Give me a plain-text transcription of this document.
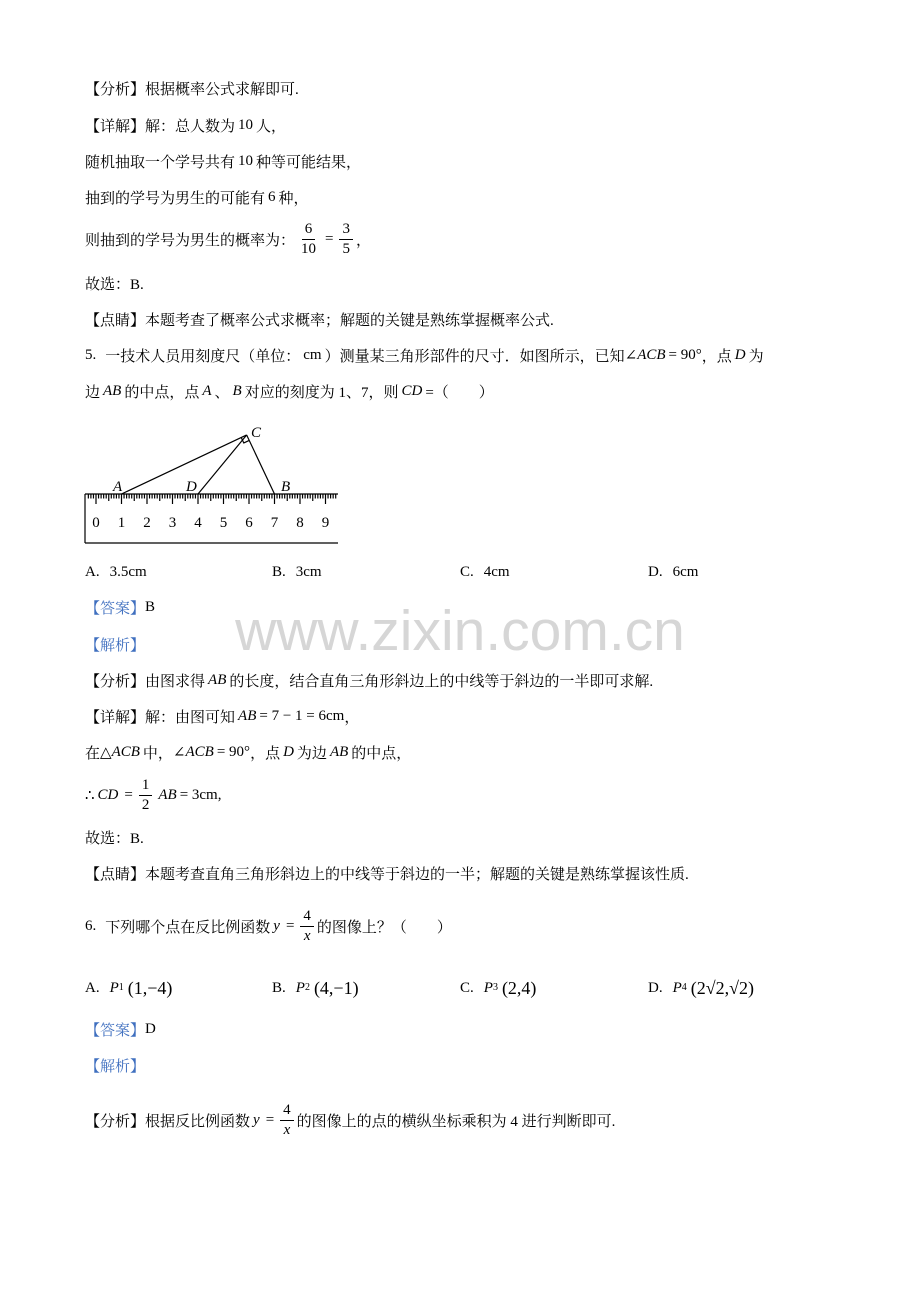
www.zixin.com.cn
【分析】 根据概率公式求解即可.
【详解】 解：总人数为 10 人，
随机抽取一个学号共有 10 种等可能结果，
抽到的学号为男生的可能有 6 种，
则抽到的学号为男生的概率为： $\frac{6}{10} = \frac{3}{5}$ ，
故选：B.
【点睛】 本题考查了概率公式求概率；解题的关键是熟练掌握概率公式.
5. 一技术人员用刻度尺（单位： cm ）测量某三角形部件的尺寸．如图所示，已知 ∠ ACB = 90° ，点 D 为
边 AB 的中点，点 A 、 B 对应的刻度为 1、7，则 CD =（　　）
0 1 2 3 4 5 6 7 8 9
A	D	B
C
A. 3.5cm	B. 3cm	C. 4cm	D. 6cm
【答案】 B
【解析】
【分析】 由图求得 AB 的长度，结合直角三角形斜边上的中线等于斜边的一半即可求解.
【详解】 解：由图可知 AB = 7 − 1 = 6cm ，
在 △ ACB 中， ∠ ACB = 90° ，点 D 为边 AB 的中点，
∴ CD = $\frac{1}{2}$ AB = 3cm ,
故选：B.
【点睛】 本题考查直角三角形斜边上的中线等于斜边的一半；解题的关键是熟练掌握该性质.
6. 下列哪个点在反比例函数 $y = \frac{4}{x}$ 的图像上？（　　）
A. P 1 (1,−4)	B. P 2 (4,−1)	C. P 3 (2,4)	D. P 4 (2√2,√2)
【答案】 D
【解析】
【分析】 根据反比例函数 $y = \frac{4}{x}$ 的图像上的点的横纵坐标乘积为 4 进行判断即可.
